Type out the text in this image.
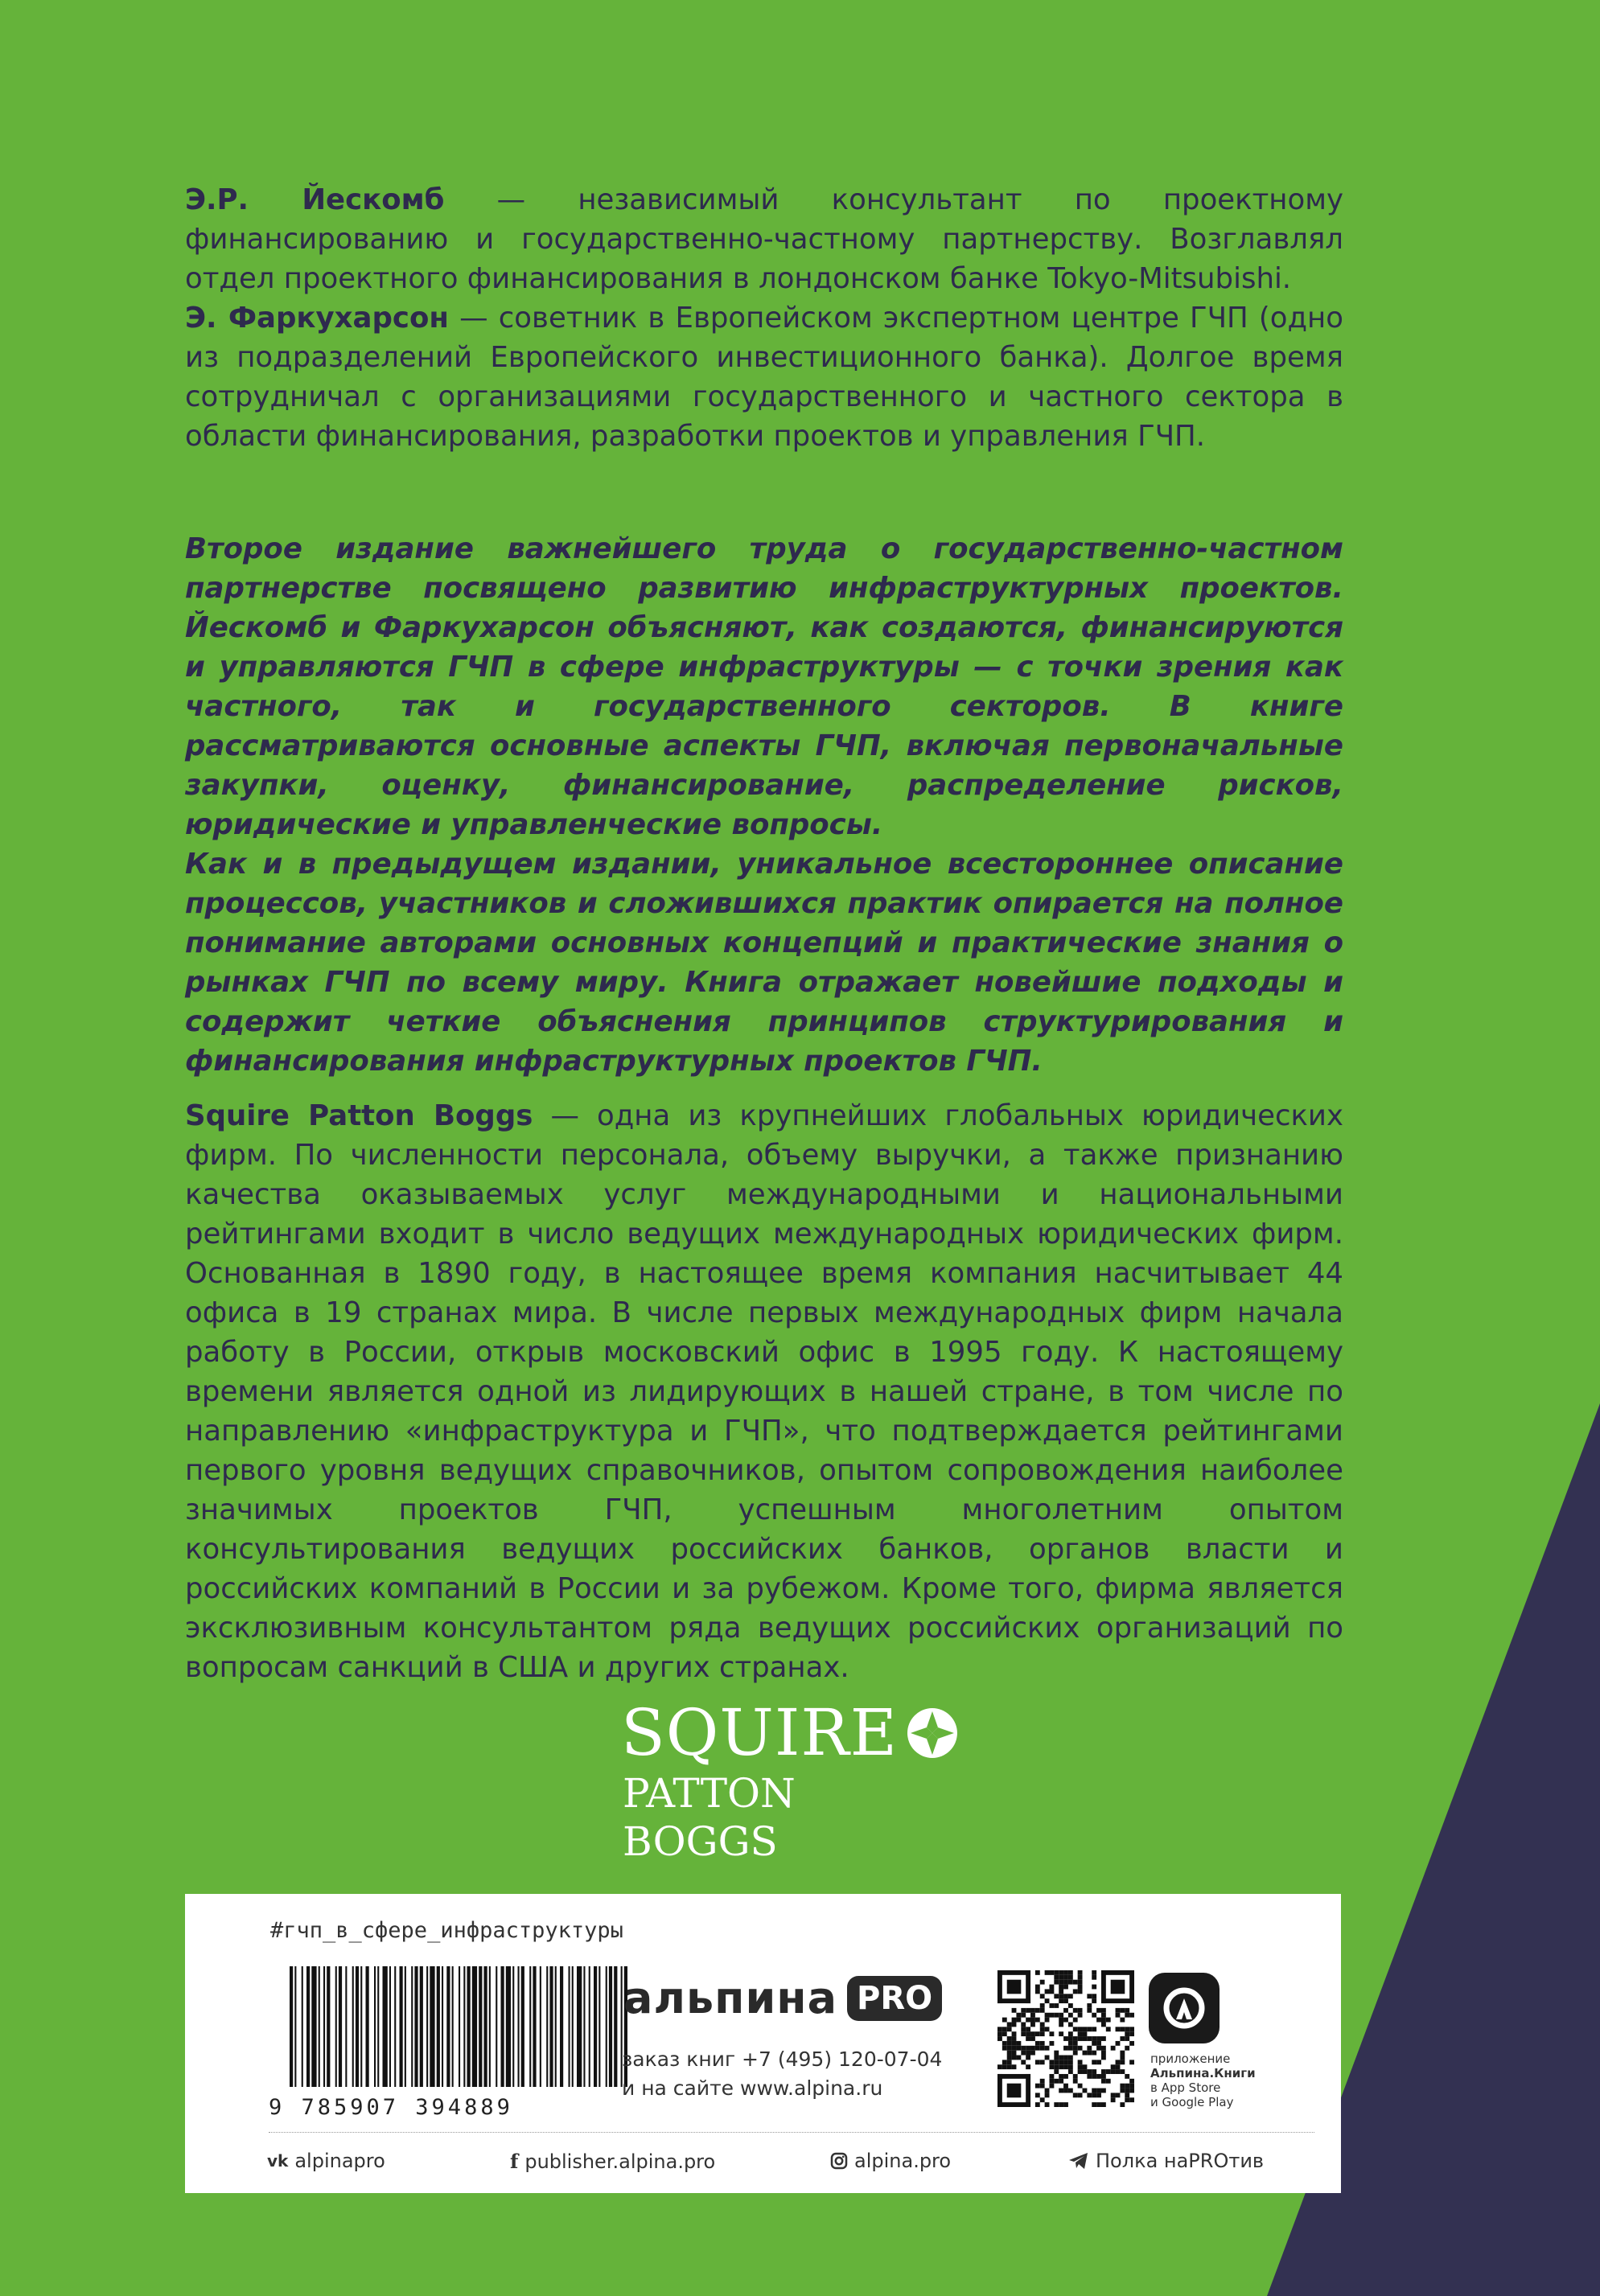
Э.Р. Йескомб — независимый консультант по проектному финансированию и государственно-частному партнерству. Возглавлял отдел проектного финансирования в лондонском банке Tokyo-Mitsubishi.

Э. Фаркухарсон — советник в Европейском экспертном центре ГЧП (одно из подразделений Европейского инвестиционного банка). Долгое время сотрудничал с организациями государственного и частного сектора в области финансирования, разработки проектов и управления ГЧП.

Второе издание важнейшего труда о государственно-частном партнерстве посвящено развитию инфраструктурных проектов. Йескомб и Фаркухарсон объясняют, как создаются, финансируются и управляются ГЧП в сфере инфраструктуры — с точки зрения как частного, так и государственного секторов. В книге рассматриваются основные аспекты ГЧП, включая первоначальные закупки, оценку, финансирование, распределение рисков, юридические и управленческие вопросы.

Как и в предыдущем издании, уникальное всестороннее описание процессов, участников и сложившихся практик опирается на полное понимание авторами основных концепций и практические знания о рынках ГЧП по всему миру. Книга отражает новейшие подходы и содержит четкие объяснения принципов структурирования и финансирования инфраструктурных проектов ГЧП.

Squire Patton Boggs — одна из крупнейших глобальных юридических фирм. По численности персонала, объему выручки, а также признанию качества оказываемых услуг международными и национальными рейтингами входит в число ведущих международных юридических фирм. Основанная в 1890 году, в настоящее время компания насчитывает 44 офиса в 19 странах мира. В числе первых международных фирм начала работу в России, открыв московский офис в 1995 году. К настоящему времени является одной из лидирующих в нашей стране, в том числе по направлению «инфраструктура и ГЧП», что подтверждается рейтингами первого уровня ведущих справочников, опытом сопровождения наиболее значимых проектов ГЧП, успешным многолетним опытом консультирования ведущих российских банков, органов власти и российских компаний в России и за рубежом. Кроме того, фирма является эксклюзивным консультантом ряда ведущих российских организаций по вопросам санкций в США и других странах.

SQUIRE
PATTON BOGGS
#гчп_в_сфере_инфраструктуры
9 785907 394889
альпина PRO
заказ книг +7 (495) 120-07-04
и на сайте www.alpina.ru
приложение
Альпина.Книги
в App Store
и Google Play
vk alpinapro	f publisher.alpina.pro	alpina.pro	Полка наPROтив
